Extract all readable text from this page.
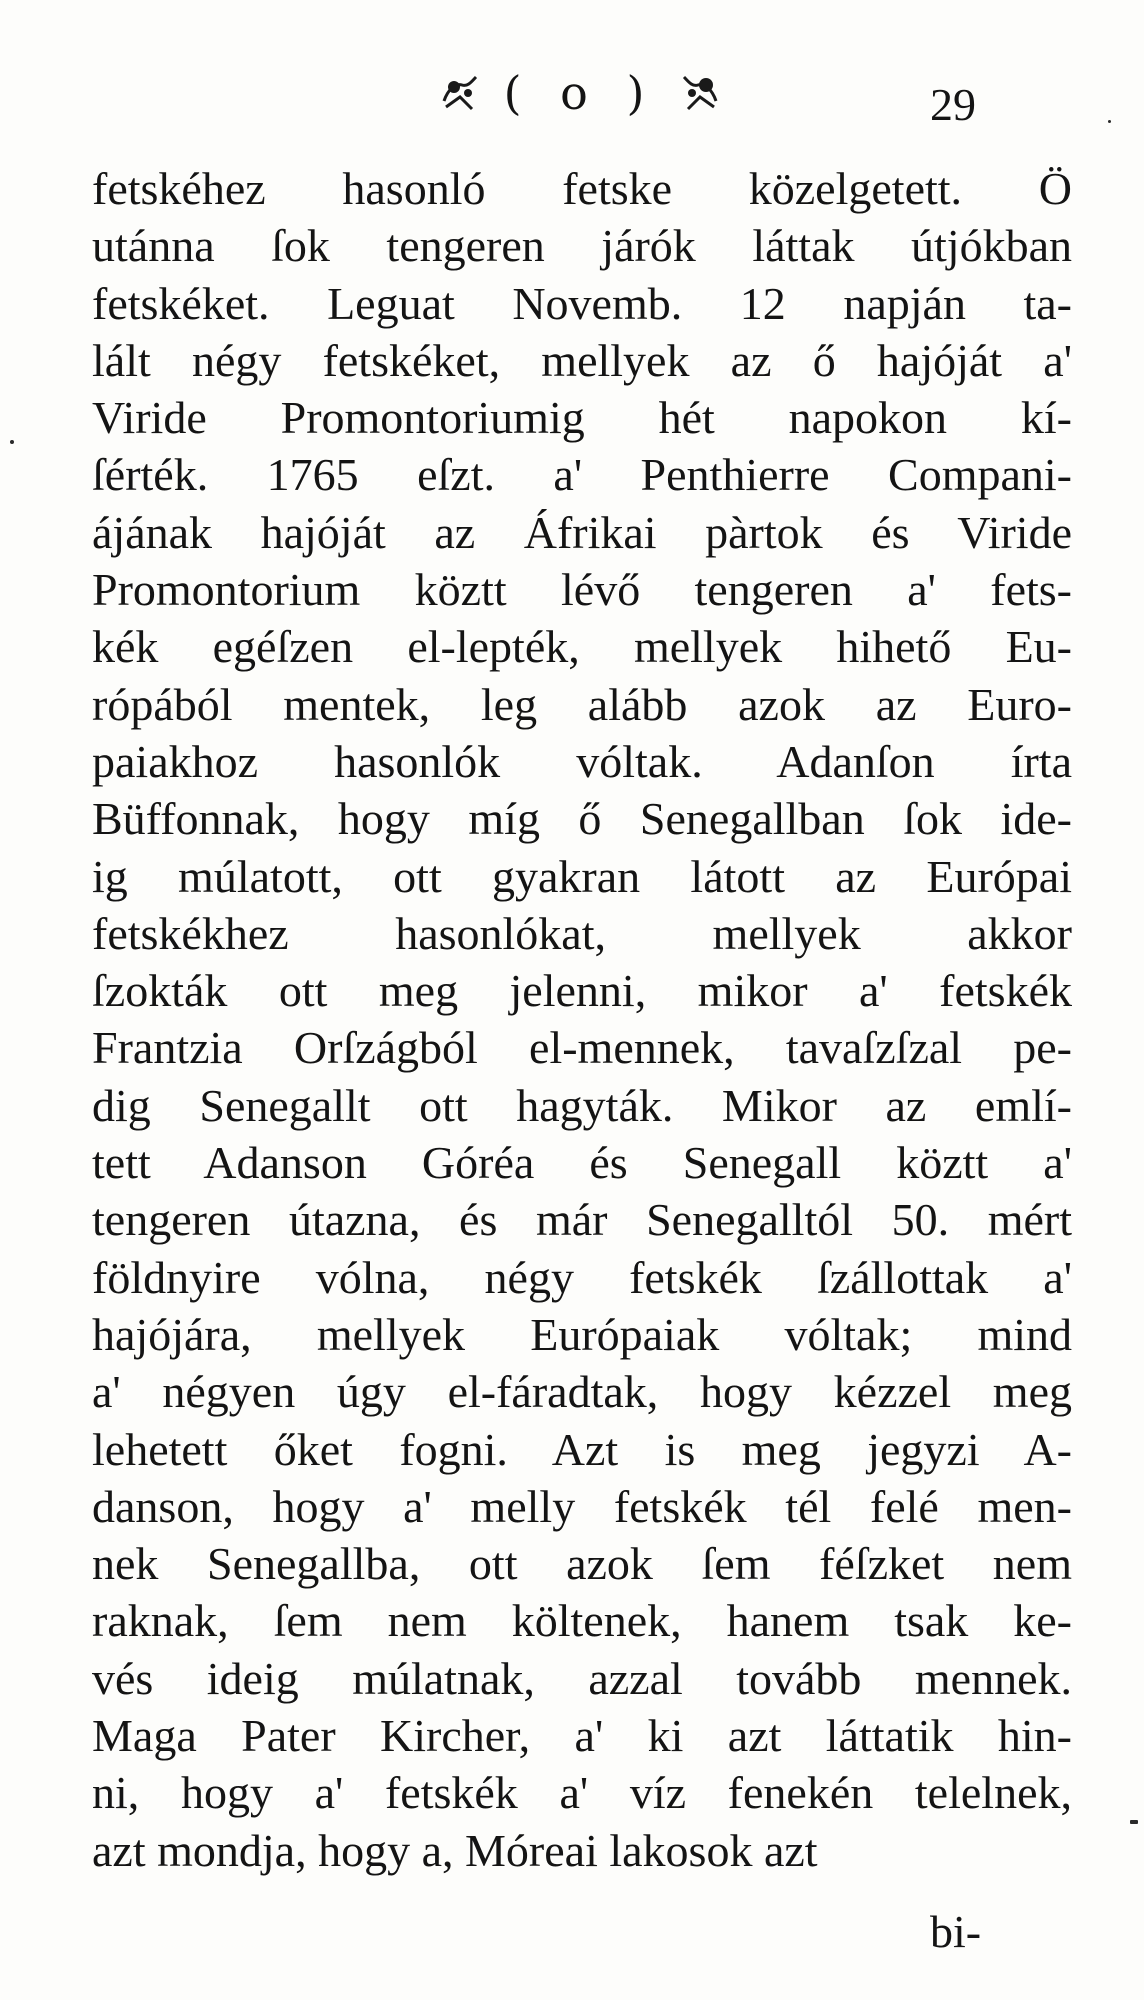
( o )	29
fetskéhez hasonló fetske közelgetett. Ö
utánna ſok tengeren járók láttak útjókban
fetskéket. Leguat Novemb. 12 napján ta-
lált négy fetskéket, mellyek az ő hajóját a'
Viride Promontoriumig hét napokon kí-
ſérték. 1765 eſzt. a' Penthierre Compani-
ájának hajóját az Áfrikai pàrtok és Viride
Promontorium köztt lévő tengeren a' fets-
kék egéſzen el-lepték, mellyek hihető Eu-
rópából mentek, leg alább azok az Euro-
paiakhoz hasonlók vóltak. Adanſon írta
Büffonnak, hogy míg ő Senegallban ſok ide-
ig múlatott, ott gyakran látott az Európai
fetskékhez hasonlókat, mellyek akkor
ſzokták ott meg jelenni, mikor a' fetskék
Frantzia Orſzágból el-mennek, tavaſzſzal pe-
dig Senegallt ott hagyták. Mikor az emlí-
tett Adanson Góréa és Senegall köztt a'
tengeren útazna, és már Senegalltól 50. mért
földnyire vólna, négy fetskék ſzállottak a'
hajójára, mellyek Európaiak vóltak; mind
a' négyen úgy el-fáradtak, hogy kézzel meg
lehetett őket fogni. Azt is meg jegyzi A-
danson, hogy a' melly fetskék tél felé men-
nek Senegallba, ott azok ſem féſzket nem
raknak, ſem nem költenek, hanem tsak ke-
vés ideig múlatnak, azzal tovább mennek.
Maga Pater Kircher, a' ki azt láttatik hin-
ni, hogy a' fetskék a' víz fenekén telelnek,
azt mondja, hogy a, Móreai lakosok azt
bi-
